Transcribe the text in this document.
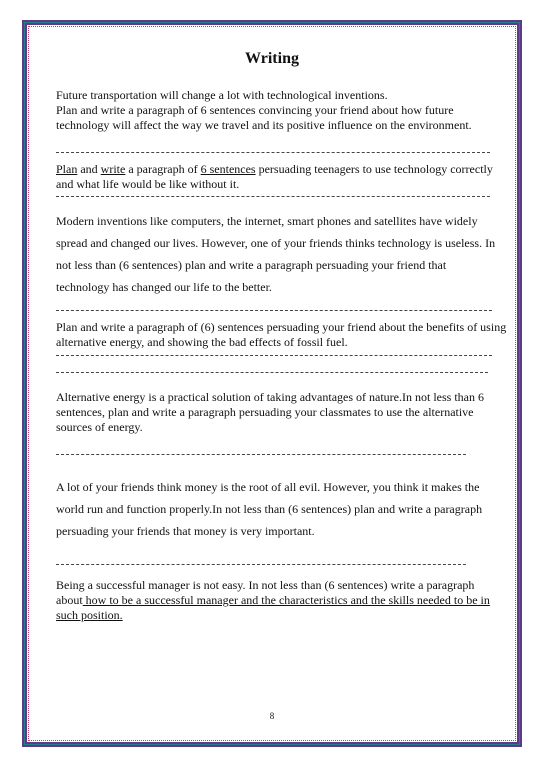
Writing
Future transportation will change a lot with technological inventions.
Plan and write a paragraph of 6 sentences convincing your friend about how future technology will affect the way we travel and its positive influence on the environment.
Plan and write a paragraph of 6 sentences persuading teenagers to use technology correctly and what life would be like without it.
Modern inventions like computers, the internet, smart phones and satellites have widely spread and changed our lives. However, one of your friends thinks technology is useless. In not less than (6 sentences) plan and write a paragraph persuading your friend that technology has changed our life to the better.
Plan and write a paragraph of (6) sentences persuading your friend about the benefits of using alternative energy, and showing the bad effects of fossil fuel.
Alternative energy is a practical solution of taking advantages of nature.In not less than 6 sentences, plan and write a paragraph persuading your classmates to use the alternative sources of energy.
A lot of your friends think money is the root of all evil. However, you think it makes the world run and function properly.In not less than (6 sentences) plan and write a paragraph persuading your friends that money is very important.
Being a successful manager is not easy. In not less than (6 sentences) write a paragraph about how to be a successful manager and the characteristics and the skills needed to be in such position.
8
